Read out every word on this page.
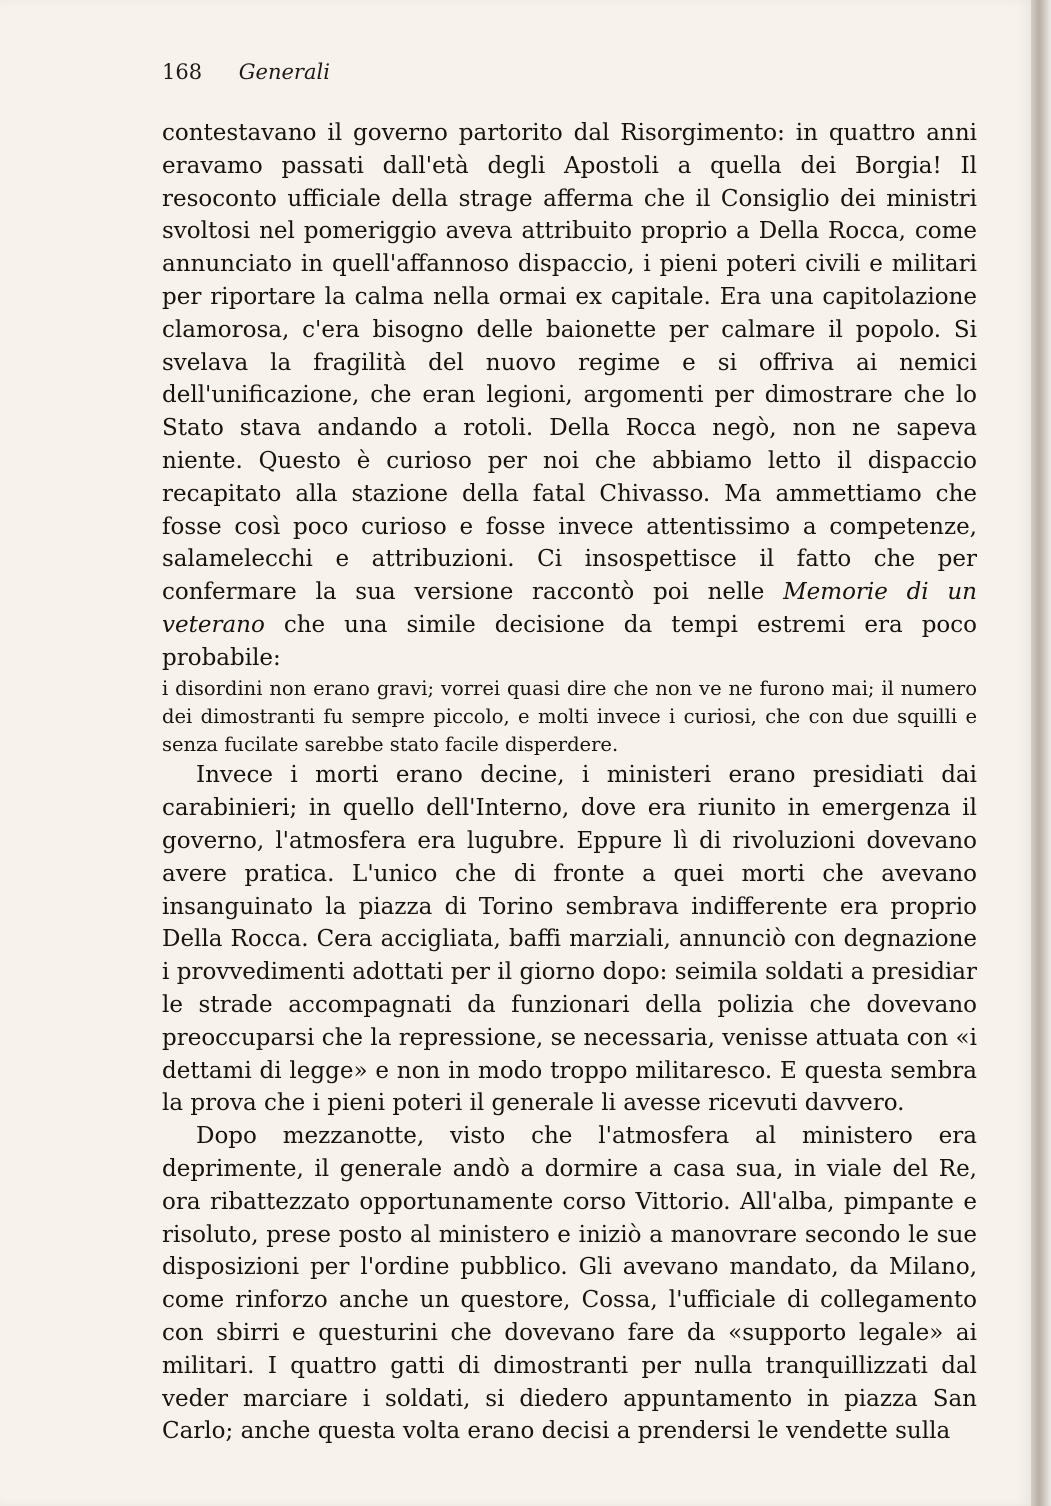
168 Generali

contestavano il governo partorito dal Risorgimento: in quattro anni eravamo passati dall'età degli Apostoli a quella dei Borgia! Il resoconto ufficiale della strage afferma che il Consiglio dei ministri svoltosi nel pomeriggio aveva attribuito proprio a Della Rocca, come annunciato in quell'affannoso dispaccio, i pieni poteri civili e militari per riportare la calma nella ormai ex capitale. Era una capitolazione clamorosa, c'era bisogno delle baionette per calmare il popolo. Si svelava la fragilità del nuovo regime e si offriva ai nemici dell'unificazione, che eran legioni, argomenti per dimostrare che lo Stato stava andando a rotoli. Della Rocca negò, non ne sapeva niente. Questo è curioso per noi che abbiamo letto il dispaccio recapitato alla stazione della fatal Chivasso. Ma ammettiamo che fosse così poco curioso e fosse invece attentissimo a competenze, salamelecchi e attribuzioni. Ci insospettisce il fatto che per confermare la sua versione raccontò poi nelle Memorie di un veterano che una simile decisione da tempi estremi era poco probabile:

i disordini non erano gravi; vorrei quasi dire che non ve ne furono mai; il numero dei dimostranti fu sempre piccolo, e molti invece i curiosi, che con due squilli e senza fucilate sarebbe stato facile disperdere.

Invece i morti erano decine, i ministeri erano presidiati dai carabinieri; in quello dell'Interno, dove era riunito in emergenza il governo, l'atmosfera era lugubre. Eppure lì di rivoluzioni dovevano avere pratica. L'unico che di fronte a quei morti che avevano insanguinato la piazza di Torino sembrava indifferente era proprio Della Rocca. Cera accigliata, baffi marziali, annunciò con degnazione i provvedimenti adottati per il giorno dopo: seimila soldati a presidiar le strade accompagnati da funzionari della polizia che dovevano preoccuparsi che la repressione, se necessaria, venisse attuata con «i dettami di legge» e non in modo troppo militaresco. E questa sembra la prova che i pieni poteri il generale li avesse ricevuti davvero.

Dopo mezzanotte, visto che l'atmosfera al ministero era deprimente, il generale andò a dormire a casa sua, in viale del Re, ora ribattezzato opportunamente corso Vittorio. All'alba, pimpante e risoluto, prese posto al ministero e iniziò a manovrare secondo le sue disposizioni per l'ordine pubblico. Gli avevano mandato, da Milano, come rinforzo anche un questore, Cossa, l'ufficiale di collegamento con sbirri e questurini che dovevano fare da «supporto legale» ai militari. I quattro gatti di dimostranti per nulla tranquillizzati dal veder marciare i soldati, si diedero appuntamento in piazza San Carlo; anche questa volta erano decisi a prendersi le vendette sulla
